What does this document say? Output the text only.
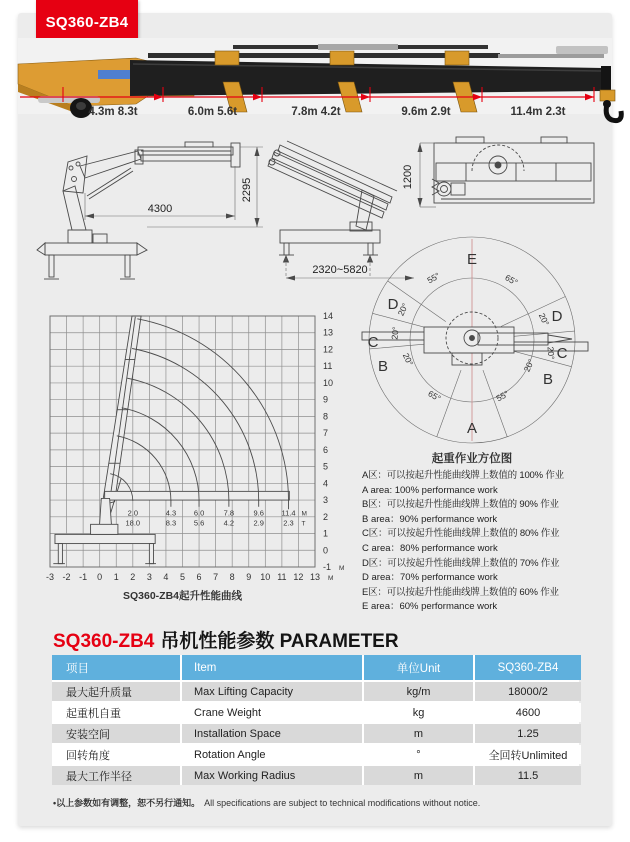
SQ360-ZB4
4.3m 8.3t	6.0m 5.6t	7.8m 4.2t	9.6m 2.9t	11.4m 2.3t
4300
2295
2320~5820
1200
E
A
D
D
C
C
B
B
55°	65°
20°
20°
20°
20°
20°
20°
65°	55°
起重作业方位图
A区：可以按起升性能曲线牌上数值的 100% 作业
A area: 100% performance work
B区：可以按起升性能曲线牌上数值的 90% 作业
B area：90% performance work
C区：可以按起升性能曲线牌上数值的 80% 作业
C area：80% performance work
D区：可以按起升性能曲线牌上数值的 70% 作业
D area：70% performance work
E区：可以按起升性能曲线牌上数值的 60% 作业
E area：60% performance work
14
13
12
11
10
9
8
7
6
5
4
3
2
1
0
-1 M
-3 -2 -1 0 1 2 3 4 5 6 7 8 9 10 11 12 13 M
2.0
18.0
4.3
8.3
6.0
5.6
7.8
4.2
9.6
2.9
11.4
2.3
M
T
SQ360-ZB4起升性能曲线
SQ360-ZB4 吊机性能参数 PARAMETER
项目	Item	单位Unit	SQ360-ZB4
最大起升质量	Max Lifting Capacity	kg/m	18000/2
起重机自重	Crane Weight	kg	4600
安装空间	Installation Space	m	1.25
回转角度	Rotation Angle	°	全回转Unlimited
最大工作半径	Max Working Radius	m	11.5
•以上参数如有调整，恕不另行通知。 All specifications are subject to technical modifications without notice.
